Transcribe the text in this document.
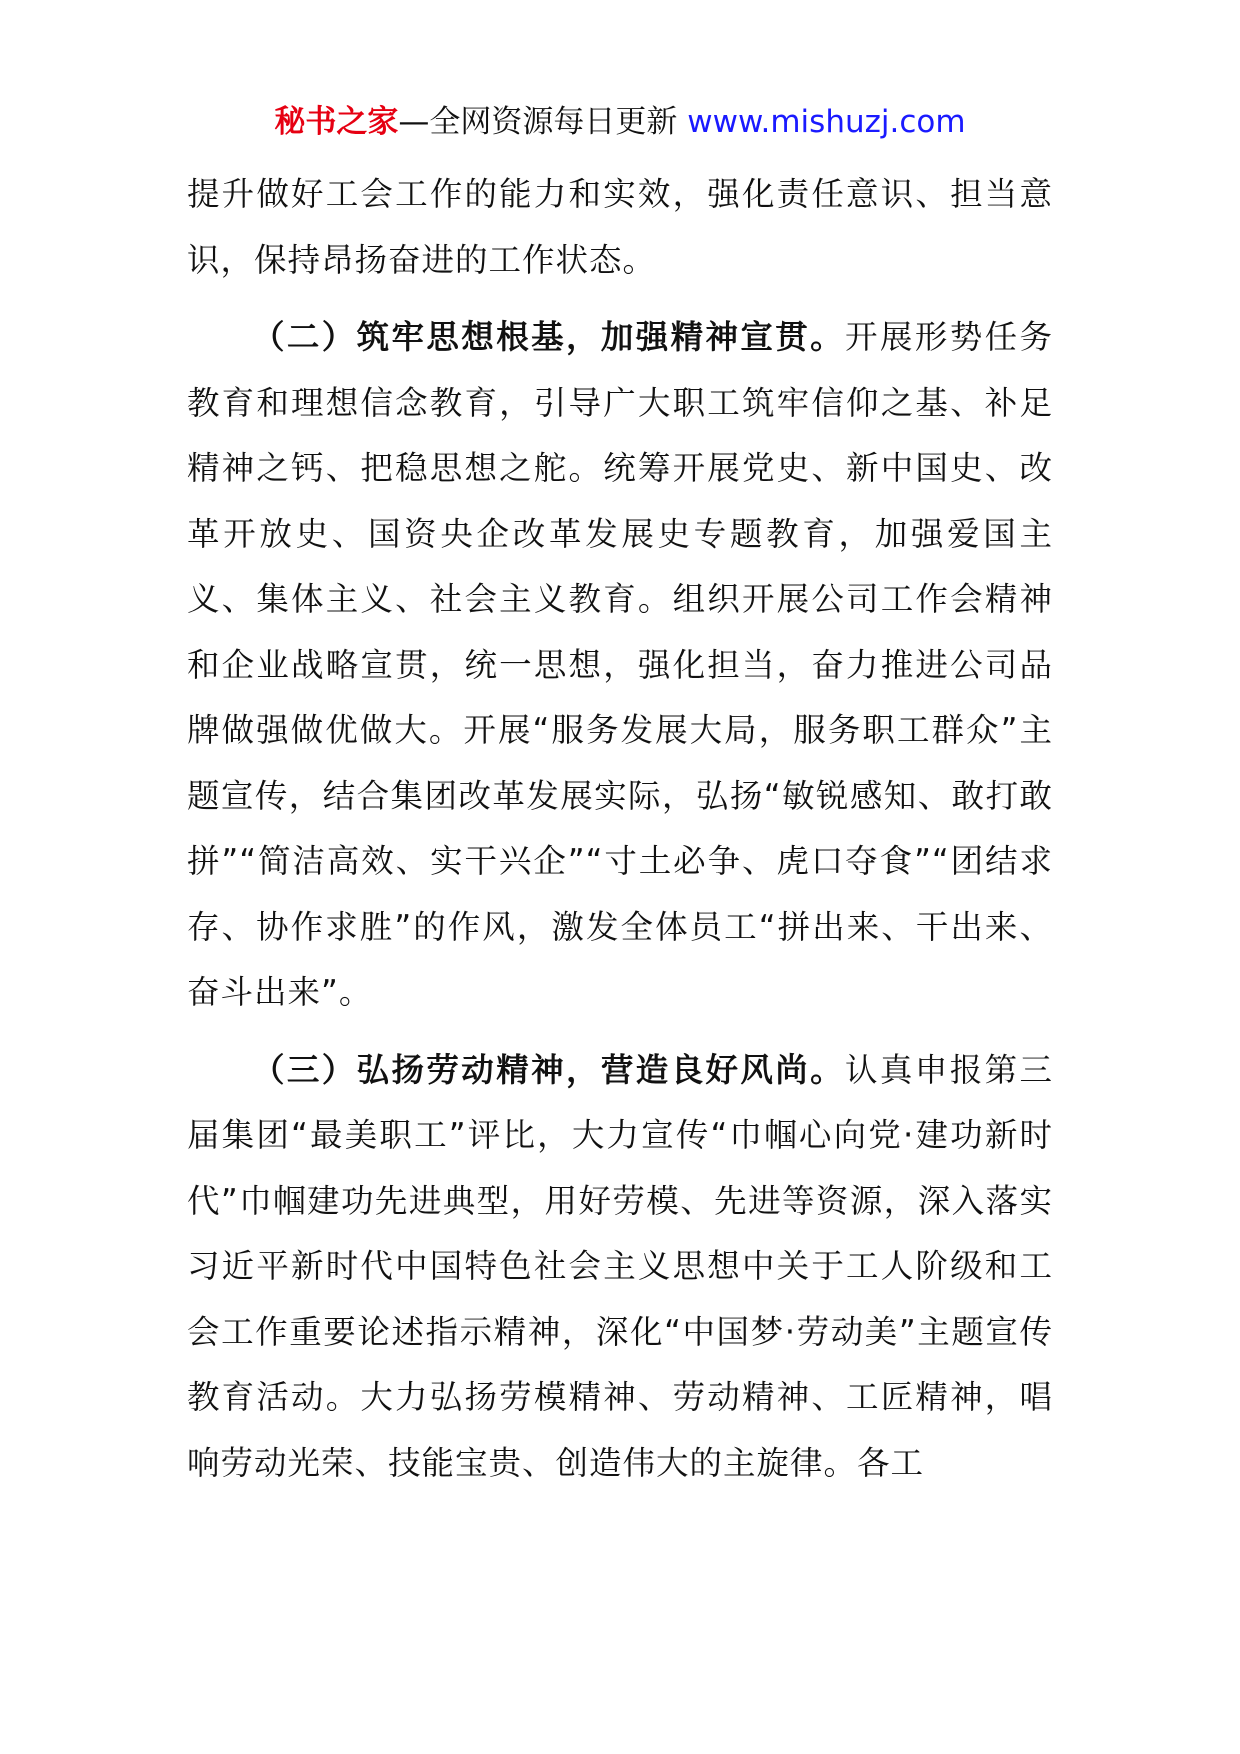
秘书之家—全网资源每日更新 www.mishuzj.com

提升做好工会工作的能力和实效，强化责任意识、担当意识，保持昂扬奋进的工作状态。

（二）筑牢思想根基，加强精神宣贯。开展形势任务教育和理想信念教育，引导广大职工筑牢信仰之基、补足精神之钙、把稳思想之舵。统筹开展党史、新中国史、改革开放史、国资央企改革发展史专题教育，加强爱国主义、集体主义、社会主义教育。组织开展公司工作会精神和企业战略宣贯，统一思想，强化担当，奋力推进公司品牌做强做优做大。开展“服务发展大局，服务职工群众”主题宣传，结合集团改革发展实际，弘扬“敏锐感知、敢打敢拼”“简洁高效、实干兴企”“寸土必争、虎口夺食”“团结求存、协作求胜”的作风，激发全体员工“拼出来、干出来、奋斗出来”。

（三）弘扬劳动精神，营造良好风尚。认真申报第三届集团“最美职工”评比，大力宣传“巾帼心向党·建功新时代”巾帼建功先进典型，用好劳模、先进等资源，深入落实习近平新时代中国特色社会主义思想中关于工人阶级和工会工作重要论述指示精神，深化“中国梦·劳动美”主题宣传教育活动。大力弘扬劳模精神、劳动精神、工匠精神，唱响劳动光荣、技能宝贵、创造伟大的主旋律。各工
